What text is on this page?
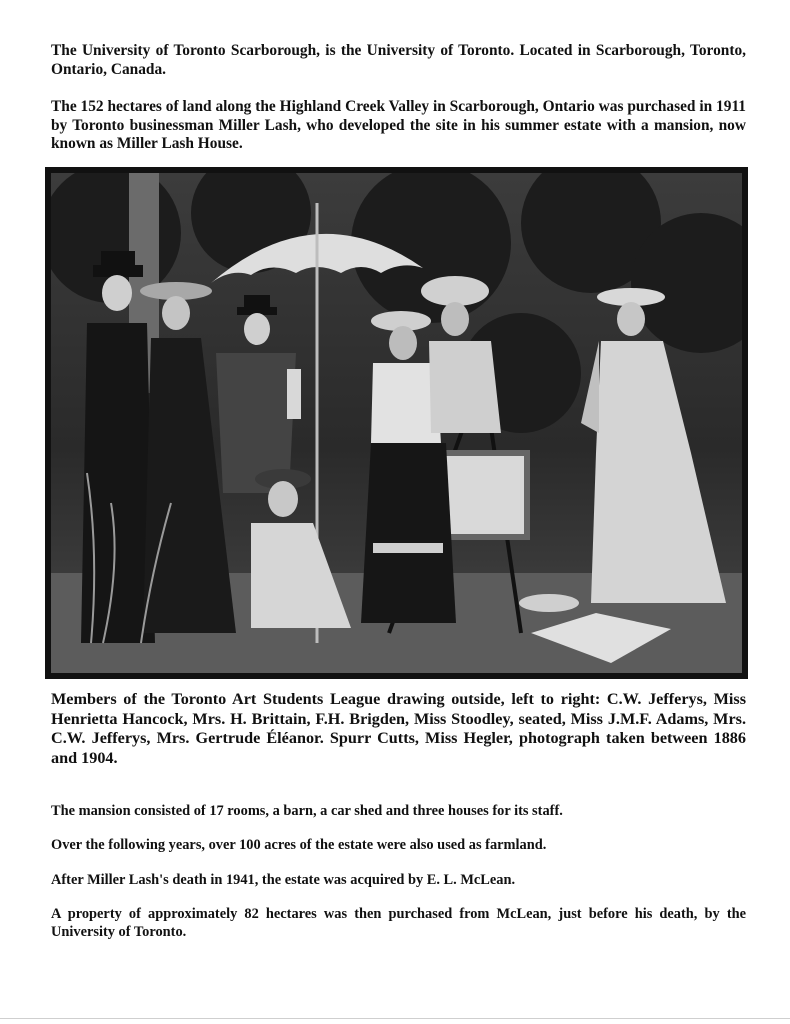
The University of Toronto Scarborough, is the University of Toronto. Located in Scarborough, Toronto, Ontario, Canada.

The 152 hectares of land along the Highland Creek Valley in Scarborough, Ontario was purchased in 1911 by Toronto businessman Miller Lash, who developed the site in his summer estate with a mansion, now known as Miller Lash House.

Members of the Toronto Art Students League drawing outside, left to right: C.W. Jefferys, Miss Henrietta Hancock, Mrs. H. Brittain, F.H. Brigden, Miss Stoodley, seated, Miss J.M.F. Adams, Mrs. C.W. Jefferys, Mrs. Gertrude Éléanor. Spurr Cutts, Miss Hegler, photograph taken between 1886 and 1904.

The mansion consisted of 17 rooms, a barn, a car shed and three houses for its staff.

Over the following years, over 100 acres of the estate were also used as farmland.

After Miller Lash's death in 1941, the estate was acquired by E. L. McLean.

A property of approximately 82 hectares was then purchased from McLean, just before his death, by the University of Toronto.
